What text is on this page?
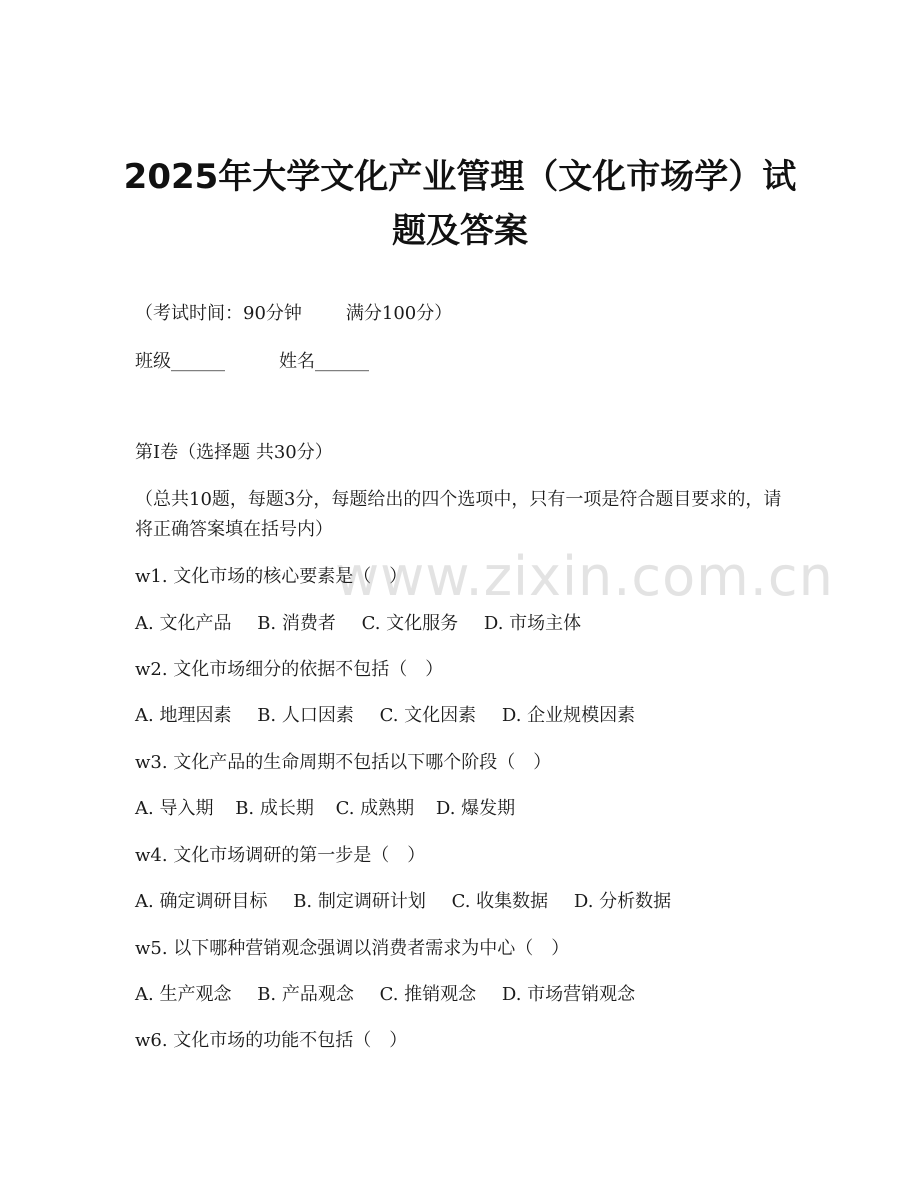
www.zixin.com.cn
2025年大学文化产业管理（文化市场学）试
题及答案
（考试时间：90分钟 满分100分）
班级______	姓名______
第Ⅰ卷（选择题 共30分）
（总共10题，每题3分，每题给出的四个选项中，只有一项是符合题目要求的，请将正确答案填在括号内）
w1. 文化市场的核心要素是（　）
A. 文化产品 B. 消费者 C. 文化服务 D. 市场主体
w2. 文化市场细分的依据不包括（　）
A. 地理因素 B. 人口因素 C. 文化因素 D. 企业规模因素
w3. 文化产品的生命周期不包括以下哪个阶段（　）
A. 导入期 B. 成长期 C. 成熟期 D. 爆发期
w4. 文化市场调研的第一步是（　）
A. 确定调研目标 B. 制定调研计划 C. 收集数据 D. 分析数据
w5. 以下哪种营销观念强调以消费者需求为中心（　）
A. 生产观念 B. 产品观念 C. 推销观念 D. 市场营销观念
w6. 文化市场的功能不包括（　）
